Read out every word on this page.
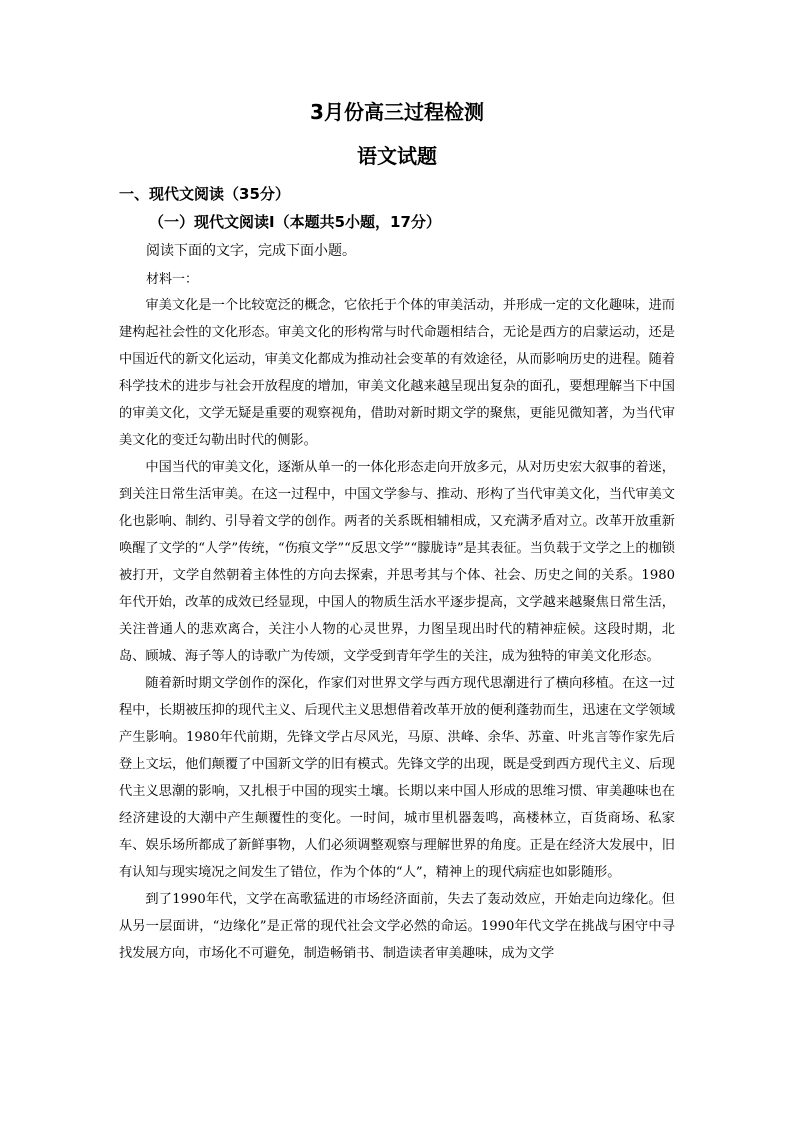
3月份高三过程检测
语文试题
一、现代文阅读（35分）
（一）现代文阅读Ⅰ（本题共5小题，17分）
阅读下面的文字，完成下面小题。
材料一：

审美文化是一个比较宽泛的概念，它依托于个体的审美活动，并形成一定的文化趣味，进而建构起社会性的文化形态。审美文化的形构常与时代命题相结合，无论是西方的启蒙运动，还是中国近代的新文化运动，审美文化都成为推动社会变革的有效途径，从而影响历史的进程。随着科学技术的进步与社会开放程度的增加，审美文化越来越呈现出复杂的面孔，要想理解当下中国的审美文化，文学无疑是重要的观察视角，借助对新时期文学的聚焦，更能见微知著，为当代审美文化的变迁勾勒出时代的侧影。

中国当代的审美文化，逐渐从单一的一体化形态走向开放多元，从对历史宏大叙事的着迷，到关注日常生活审美。在这一过程中，中国文学参与、推动、形构了当代审美文化，当代审美文化也影响、制约、引导着文学的创作。两者的关系既相辅相成，又充满矛盾对立。改革开放重新唤醒了文学的“人学”传统，“伤痕文学”“反思文学”“朦胧诗”是其表征。当负载于文学之上的枷锁被打开，文学自然朝着主体性的方向去探索，并思考其与个体、社会、历史之间的关系。1980年代开始，改革的成效已经显现，中国人的物质生活水平逐步提高，文学越来越聚焦日常生活，关注普通人的悲欢离合，关注小人物的心灵世界，力图呈现出时代的精神症候。这段时期，北岛、顾城、海子等人的诗歌广为传颂，文学受到青年学生的关注，成为独特的审美文化形态。

随着新时期文学创作的深化，作家们对世界文学与西方现代思潮进行了横向移植。在这一过程中，长期被压抑的现代主义、后现代主义思想借着改革开放的便利蓬勃而生，迅速在文学领域产生影响。1980年代前期，先锋文学占尽风光，马原、洪峰、余华、苏童、叶兆言等作家先后登上文坛，他们颠覆了中国新文学的旧有模式。先锋文学的出现，既是受到西方现代主义、后现代主义思潮的影响，又扎根于中国的现实土壤。长期以来中国人形成的思维习惯、审美趣味也在经济建设的大潮中产生颠覆性的变化。一时间，城市里机器轰鸣，高楼林立，百货商场、私家车、娱乐场所都成了新鲜事物，人们必须调整观察与理解世界的角度。正是在经济大发展中，旧有认知与现实境况之间发生了错位，作为个体的“人”，精神上的现代病症也如影随形。

到了1990年代，文学在高歌猛进的市场经济面前，失去了轰动效应，开始走向边缘化。但从另一层面讲，“边缘化”是正常的现代社会文学必然的命运。1990年代文学在挑战与困守中寻找发展方向，市场化不可避免，制造畅销书、制造读者审美趣味，成为文学
